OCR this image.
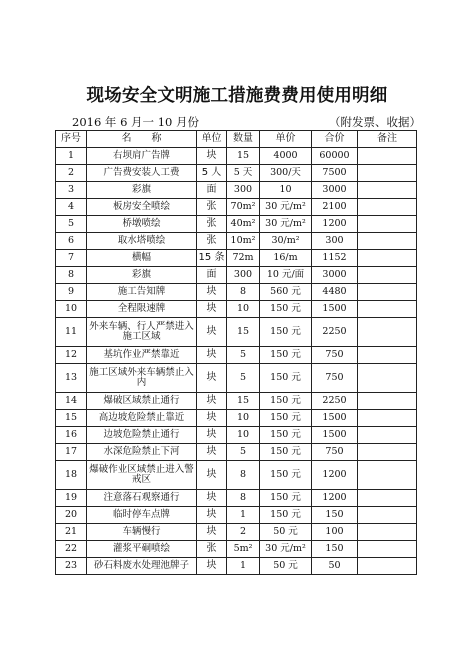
现场安全文明施工措施费费用使用明细
2016 年 6 月一 10 月份	（附发票、收据）
序号	名　　称	单位	数量	单价	合价	备注
1	右坝肩广告牌	块	15	4000	60000	
2	广告费安装人工费	5 人	5 天	300/天	7500	
3	彩旗	面	300	10	3000	
4	板房安全喷绘	张	70m²	30 元/m²	2100	
5	桥墩喷绘	张	40m²	30 元/m²	1200	
6	取水塔喷绘	张	10m²	30/m²	300	
7	横幅	15 条	72m	16/m	1152	
8	彩旗	面	300	10 元/面	3000	
9	施工告知牌	块	8	560 元	4480	
10	全程限速牌	块	10	150 元	1500	
11	外来车辆、行人严禁进入施工区域	块	15	150 元	2250	
12	基坑作业严禁靠近	块	5	150 元	750	
13	施工区域外来车辆禁止入内	块	5	150 元	750	
14	爆破区域禁止通行	块	15	150 元	2250	
15	高边坡危险禁止靠近	块	10	150 元	1500	
16	边坡危险禁止通行	块	10	150 元	1500	
17	水深危险禁止下河	块	5	150 元	750	
18	爆破作业区域禁止进入警戒区	块	8	150 元	1200	
19	注意落石观察通行	块	8	150 元	1200	
20	临时停车点牌	块	1	150 元	150	
21	车辆慢行	块	2	50 元	100	
22	灌浆平硐喷绘	张	5m²	30 元/m²	150	
23	砂石料废水处理池牌子	块	1	50 元	50	
